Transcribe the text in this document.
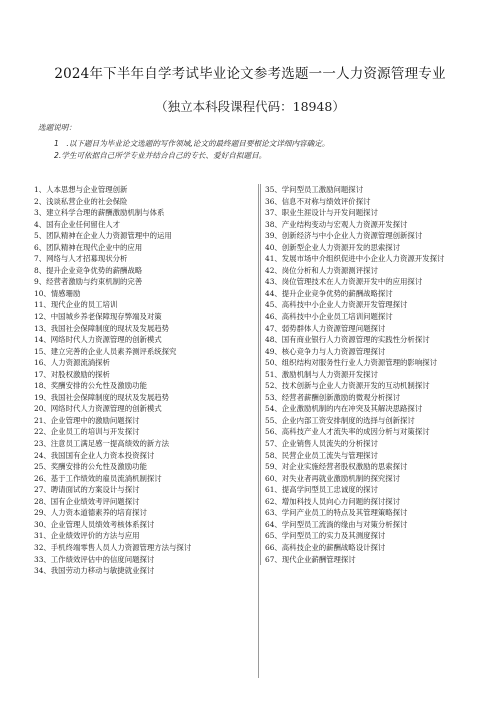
2024年下半年自学考试毕业论文参考选题一一人力资源管理专业
（独立本科段课程代码：18948）
选题说明：
1　.以下题目为毕业论文选题的写作领域,论文的最终题目要根论文详细内容确定。
2.学生可依据自己所学专业并结合自己的专长、爱好自拟题目。
1、人本思想与企业管理创新
2、浅谈私营企业的社会保险
3、建立科学合理的薪酬激励机制与体系
4、国有企业任何留住人才
5、团队精神在企业人力资源管理中的运用
6、团队精神在现代企业中的应用
7、网络与人才招募现状分析
8、提升企业竞争优势的薪酬战略
9、经营者激励与约束机制的完善
10、情感珊励
11、现代企业的员工培训
12、中国城乡养老保障现存弊端及对策
13、我国社会保障制度的现状及发展趋势
14、网络时代人力资源管理的创新模式
15、建立完善的企业人员素养测评系统探究
16、人力资源流淌探析
17、对股权激励的探析
18、奖酬安排的公允性及激励功能
19、我国社会保障制度的现状及发展趋势
20、网络时代人力资源管理的创新模式
21、企业管理中的激励问题探讨
22、企业员工的培训与开发探讨
23、注意员工满足感一提高绩效的新方法
24、我国国有企业人力资本投资探讨
25、奖酬安排的公允性及激励功能
26、基于工作绩效的雇员流淌机制探讨
27、聘请面试的方案设计与探讨
28、国有企业绩效考评问题探讨
29、人力资本道德素养的培育探讨
30、企业管理人员绩效考核体系探讨
31、企业绩效评价的方法与应用
32、手机终端零售人员人力资源管理方法与探讨
33、工作绩效评估中的信度问题探讨
34、我国劳动力移动与敏捷就业探讨
35、学问型员工激励问题探讨
36、信息不对称与绩效评价探讨
37、职业生涯设计与开发问题探讨
38、产业结构变动与宏观人力资源开发探讨
39、创新经济与中小企业人力资源管理创新探讨
40、创新型企业人力资源开发的思索探讨
41、发展市场中介组织促进中小企业人力资源开发探讨
42、岗位分析和人力资源测评探讨
43、岗位管理技术在人力资源开发中的应用探讨
44、提升企业竞争优势的薪酬战略探讨
45、高科技中小企业人力资源开发管理探讨
46、高科技中小企业员工培训问题探讨
47、弱势群体人力资源管理问题探讨
48、国有商业银行人力资源管理的实践性分析探讨
49、核心竞争力与人力资源管理探讨
50、组织结构对服务性行业人力资源管理的影响探讨
51、激励机制与人力资源开发探讨
52、技术创新与企业人力资源开发的互动机制探讨
53、经营者薪酬创新激励的微观分析探讨
54、企业激励机制的内在冲突及其解决思路探讨
55、企业内部工资安排制度的选择与创新探讨
56、高科技产业人才流失率的成因分析与对策探讨
57、企业销售人员流失的分析探讨
58、民营企业员工流失与管理探讨
59、对企业实施经营者股权激励的思索探讨
60、对失业者再就业激励机制的探究探讨
61、提高学问型员工忠诚度的探讨
62、增加科技人员向心力问题的探讨探讨
63、学问产业员工的特点及其管理策略探讨
64、学问型员工流淌的缘由与对策分析探讨
65、学问型员工的实力及其测度探讨
66、高科技企业的薪酬战略设计探讨
67、现代企业薪酬管理探讨
